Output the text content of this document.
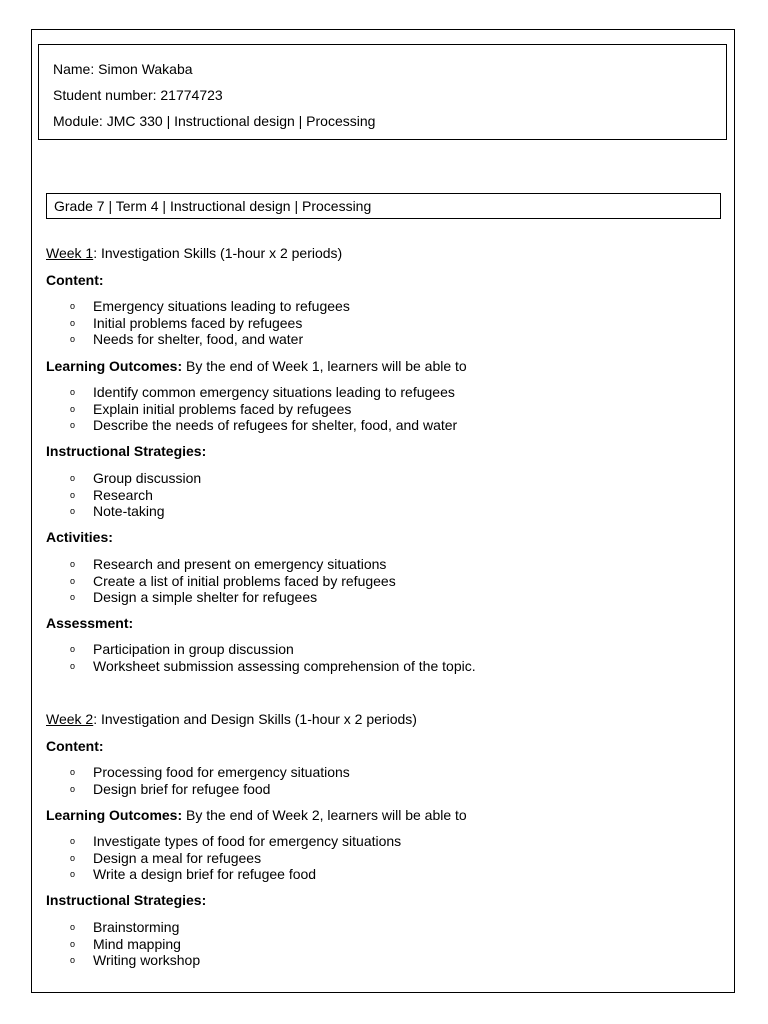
Name: Simon Wakaba
Student number: 21774723
Module: JMC 330 | Instructional design | Processing
Grade 7 | Term 4 | Instructional design | Processing
Week 1: Investigation Skills (1-hour x 2 periods)
Content:
o Emergency situations leading to refugees
o Initial problems faced by refugees
o Needs for shelter, food, and water
Learning Outcomes: By the end of Week 1, learners will be able to
o Identify common emergency situations leading to refugees
o Explain initial problems faced by refugees
o Describe the needs of refugees for shelter, food, and water
Instructional Strategies:
o Group discussion
o Research
o Note-taking
Activities:
o Research and present on emergency situations
o Create a list of initial problems faced by refugees
o Design a simple shelter for refugees
Assessment:
o Participation in group discussion
o Worksheet submission assessing comprehension of the topic.
Week 2: Investigation and Design Skills (1-hour x 2 periods)
Content:
o Processing food for emergency situations
o Design brief for refugee food
Learning Outcomes: By the end of Week 2, learners will be able to
o Investigate types of food for emergency situations
o Design a meal for refugees
o Write a design brief for refugee food
Instructional Strategies:
o Brainstorming
o Mind mapping
o Writing workshop
